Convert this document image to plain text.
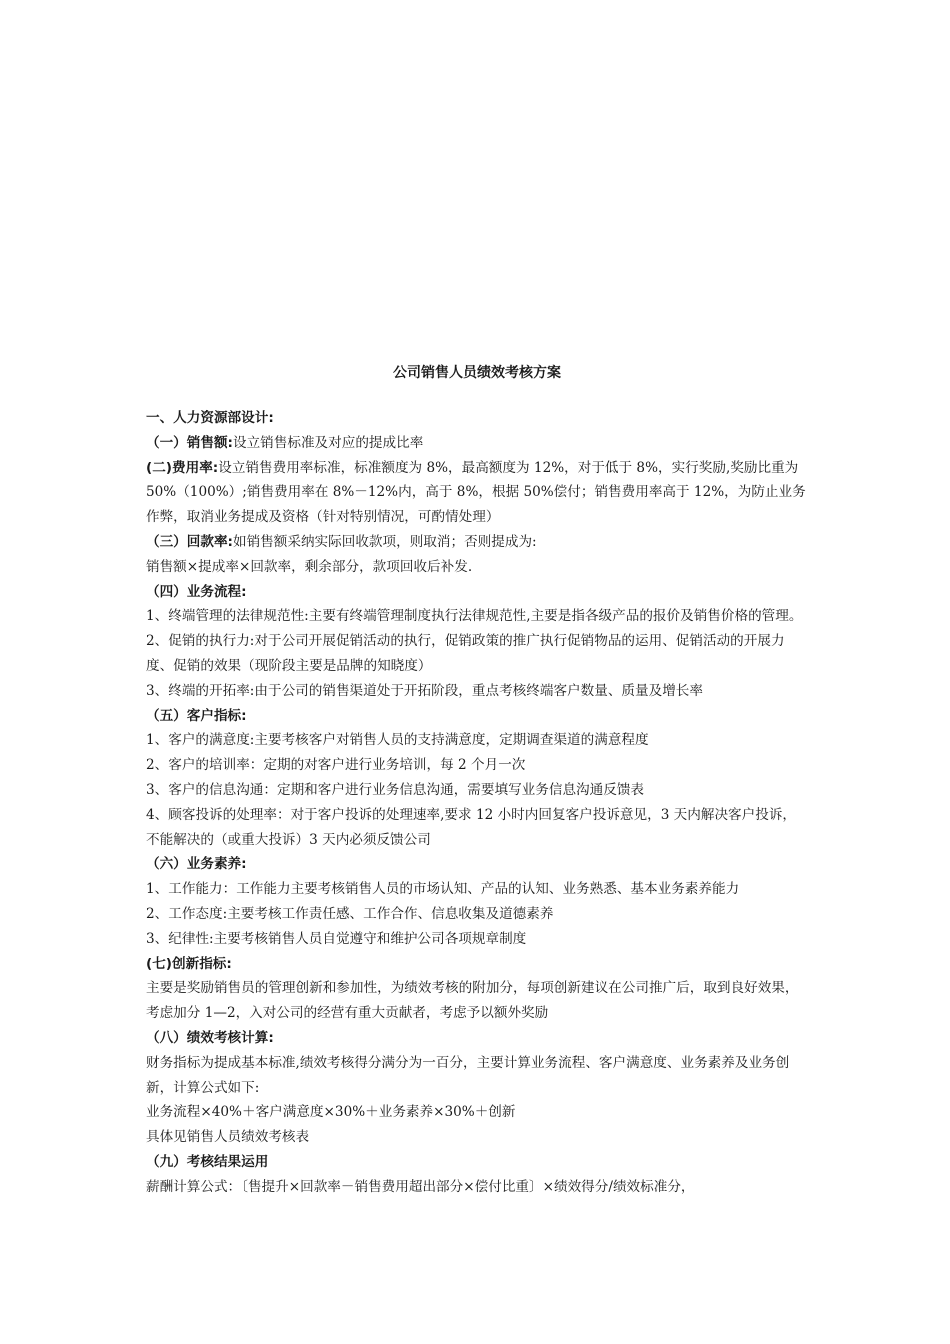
公司销售人员绩效考核方案
一、人力资源部设计:
（一）销售额:设立销售标准及对应的提成比率
(二)费用率:设立销售费用率标准，标准额度为 8%，最高额度为 12%，对于低于 8%，实行奖励,奖励比重为 50%（100%）;销售费用率在 8%－12%内，高于 8%，根据 50%偿付；销售费用率高于 12%，为防止业务作弊，取消业务提成及资格（针对特别情况，可酌情处理）
（三）回款率:如销售额采纳实际回收款项，则取消；否则提成为:
销售额×提成率×回款率，剩余部分，款项回收后补发.
（四）业务流程:
1、终端管理的法律规范性:主要有终端管理制度执行法律规范性,主要是指各级产品的报价及销售价格的管理。
2、促销的执行力:对于公司开展促销活动的执行，促销政策的推广执行促销物品的运用、促销活动的开展力度、促销的效果（现阶段主要是品牌的知晓度）
3、终端的开拓率:由于公司的销售渠道处于开拓阶段，重点考核终端客户数量、质量及增长率
（五）客户指标:
1、客户的满意度:主要考核客户对销售人员的支持满意度，定期调查渠道的满意程度
2、客户的培训率：定期的对客户进行业务培训，每 2 个月一次
3、客户的信息沟通：定期和客户进行业务信息沟通，需要填写业务信息沟通反馈表
4、顾客投诉的处理率：对于客户投诉的处理速率,要求 12 小时内回复客户投诉意见，3 天内解决客户投诉，不能解决的（或重大投诉）3 天内必须反馈公司
（六）业务素养:
1、工作能力：工作能力主要考核销售人员的市场认知、产品的认知、业务熟悉、基本业务素养能力
2、工作态度:主要考核工作责任感、工作合作、信息收集及道德素养
3、纪律性:主要考核销售人员自觉遵守和维护公司各项规章制度
(七)创新指标:
主要是奖励销售员的管理创新和参加性，为绩效考核的附加分，每项创新建议在公司推广后，取到良好效果，考虑加分 1—2，入对公司的经营有重大贡献者，考虑予以额外奖励
（八）绩效考核计算:
财务指标为提成基本标准,绩效考核得分满分为一百分，主要计算业务流程、客户满意度、业务素养及业务创新，计算公式如下:
业务流程×40%＋客户满意度×30%＋业务素养×30%＋创新
具体见销售人员绩效考核表
（九）考核结果运用
薪酬计算公式：〔售提升×回款率－销售费用超出部分×偿付比重〕×绩效得分/绩效标准分，
